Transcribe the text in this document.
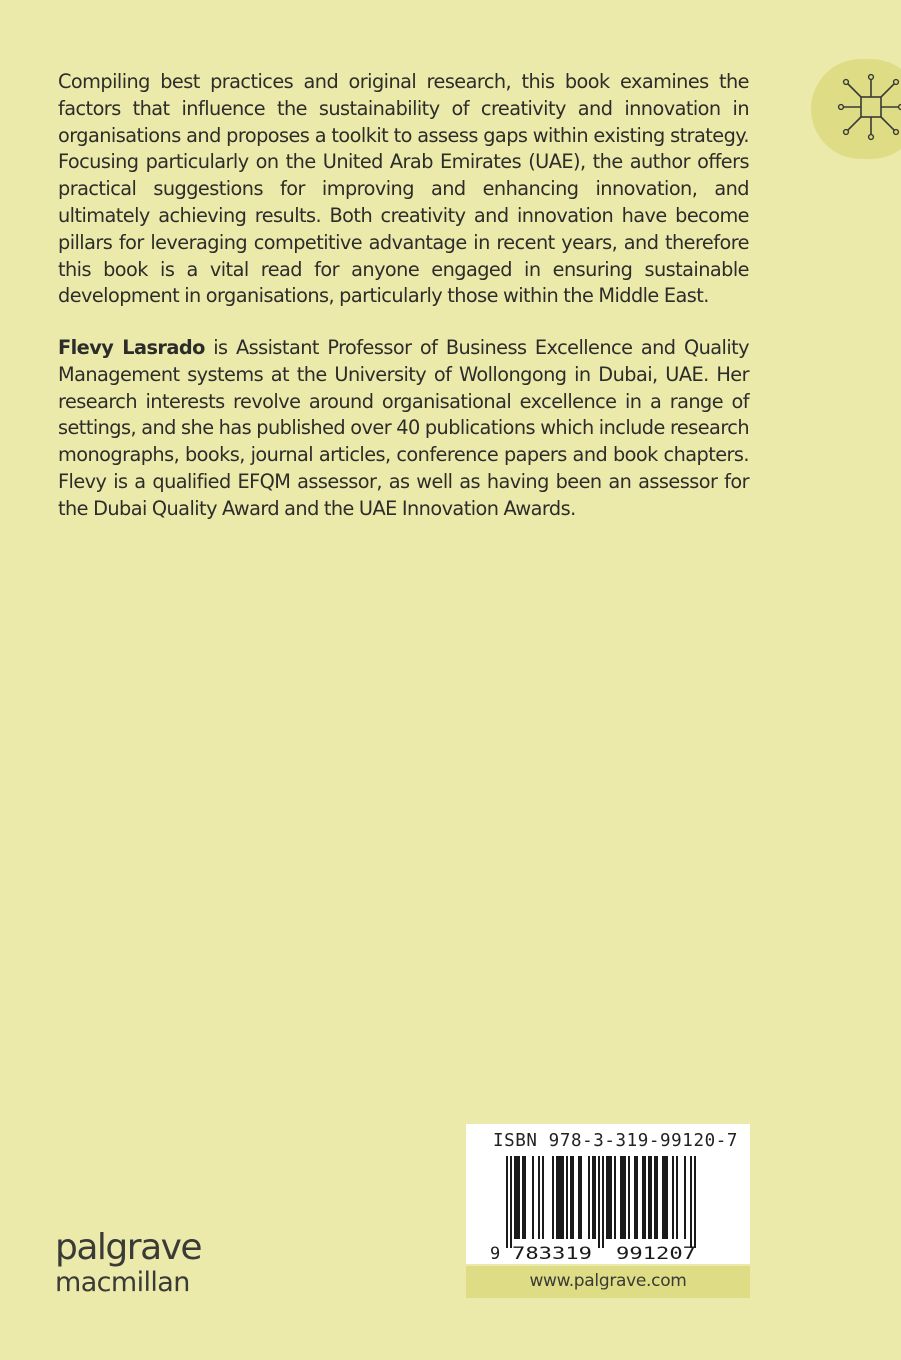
Compiling best practices and original research, this book examines the factors that influence the sustainability of creativity and innovation in organisations and proposes a toolkit to assess gaps within existing strategy. Focusing particularly on the United Arab Emirates (UAE), the author offers practical suggestions for improving and enhancing innovation, and ultimately achieving results. Both creativity and innovation have become pillars for leveraging competitive advantage in recent years, and therefore this book is a vital read for anyone engaged in ensuring sustainable development in organisations, particularly those within the Middle East.
Flevy Lasrado is Assistant Professor of Business Excellence and Quality Management systems at the University of Wollongong in Dubai, UAE. Her research interests revolve around organisational excellence in a range of settings, and she has published over 40 publications which include research monographs, books, journal articles, conference papers and book chapters. Flevy is a qualified EFQM assessor, as well as having been an assessor for the Dubai Quality Award and the UAE Innovation Awards.
ISBN 978-3-319-99120-7
9 783319 991207
www.palgrave.com
palgrave
macmillan
